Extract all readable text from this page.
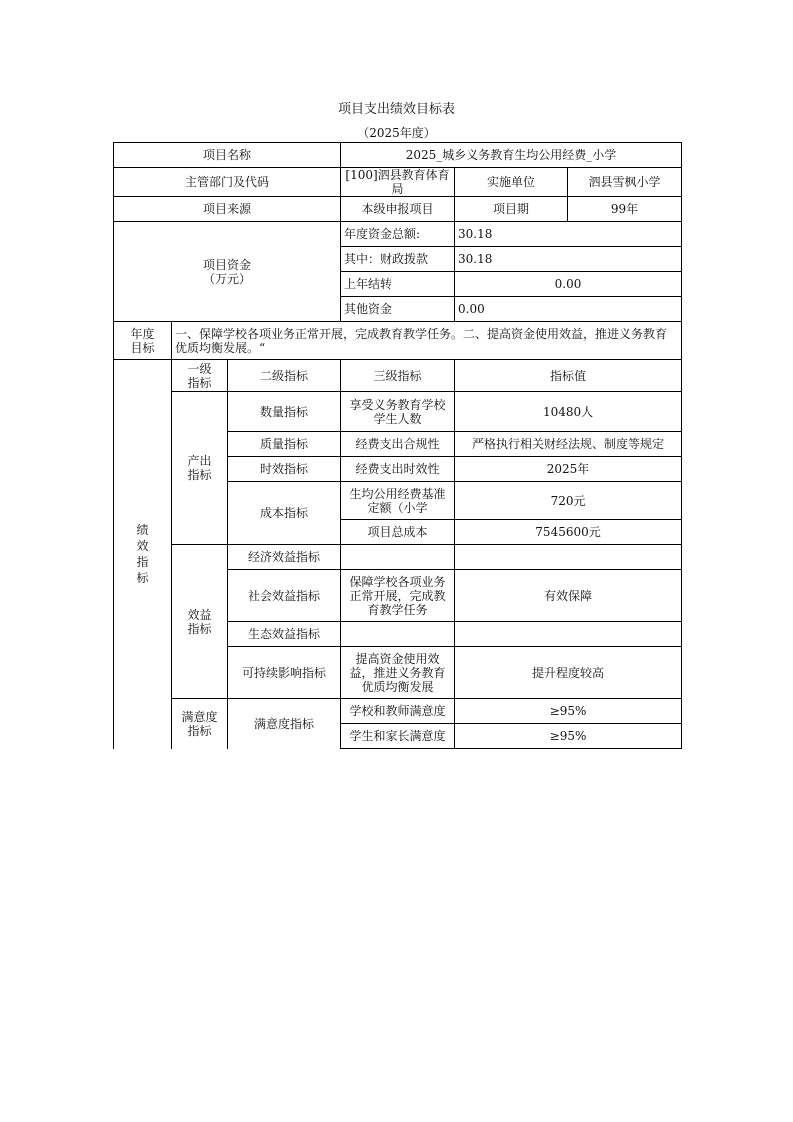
项目支出绩效目标表
（2025年度）
项目名称			2025_城乡义务教育生均公用经费_小学		
主管部门及代码			[100]泗县教育体育局	实施单位	泗县雪枫小学
项目来源			本级申报项目	项目期	99年

项目资金
（万元）			年度资金总额:	30.18	
			其中：财政拨款	30.18	
			上年结转	0.00	
			其他资金	0.00	

年度目标	一、保障学校各项业务正常开展，完成教育教学任务。二、提高资金使用效益，推进义务教育优质均衡发展。“				

绩效指标	一级指标	二级指标	三级指标	指标值	

	产出指标	数量指标	享受义务教育学校学生人数	10480人	
		质量指标	经费支出合规性	严格执行相关财经法规、制度等规定	
		时效指标	经费支出时效性	2025年	
		成本指标	生均公用经费基准定额（小学	720元	
			项目总成本	7545600元	

	效益指标	经济效益指标			
		社会效益指标	保障学校各项业务正常开展，完成教育教学任务	有效保障	
		生态效益指标			
		可持续影响指标	提高资金使用效益，推进义务教育优质均衡发展	提升程度较高	

	满意度指标	满意度指标	学校和教师满意度	≥95%	
			学生和家长满意度	≥95%	
